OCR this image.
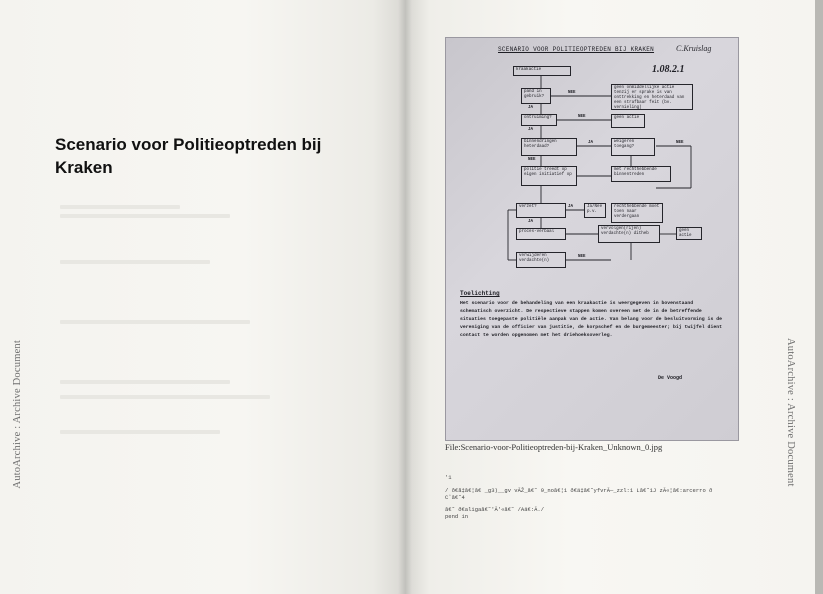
Scenario voor Politieoptreden bij Kraken
AutoArchive : Archive Document	AutoArchive : Archive Document
SCENARIO VOOR POLITIEOPTREDEN BIJ KRAKEN	C.Kruislag
1.08.2.1
kraakactie
pand in gebruik?
geen onmiddellijke actie tenzij er sprake is van onttrekking en heterdaad van een strafbaar feit (bv. vernieling)
ontruiming?	geen actie
binnendringen heterdaad?
weigeren toegang?
politie treedt op eigen initiatief op
met rechthebbende binnentreden
verzet?	Ja/Nee p.v.
rechthebbende moet toen naar verdergaan
proces-verbaal
vervolgen(rijen) verdachte(n) ditheb
geen actie
verwijderen verdachte(n)
NEE
JA
NEE
JA
JA	NEE
NEE
JA
JA
NEE
Toelichting

Het scenario voor de behandeling van een kraakactie is weergegeven in bovenstaand schematisch overzicht. De respectieve stappen komen overeen met de in de betreffende situaties toegepaste politiële aanpak van de actie. Van belang voor de besluitvorming is de vereniging van de officier van justitie, de korpschef en de burgemeester; bij twijfel dient contact te worden opgenomen met het driehoeksoverleg.

De Voogd
File:Scenario-voor-Politieoptreden-bij-Kraken_Unknown_0.jpg
'1
/ ð€ã‡â€¦â€ _g3)__gv vÃŽ_â€˜ 9_noâ€¦1 ð€ä‡â€˜yfvrÃ—_zzl:1 Lâ€˜1J zÃ«¦â€:arcerro ð
Cˆâ€˜4
â€˜ ð€aligaâ€˜'Ã'«â€˜ /Aä€:Ã./
pend in
